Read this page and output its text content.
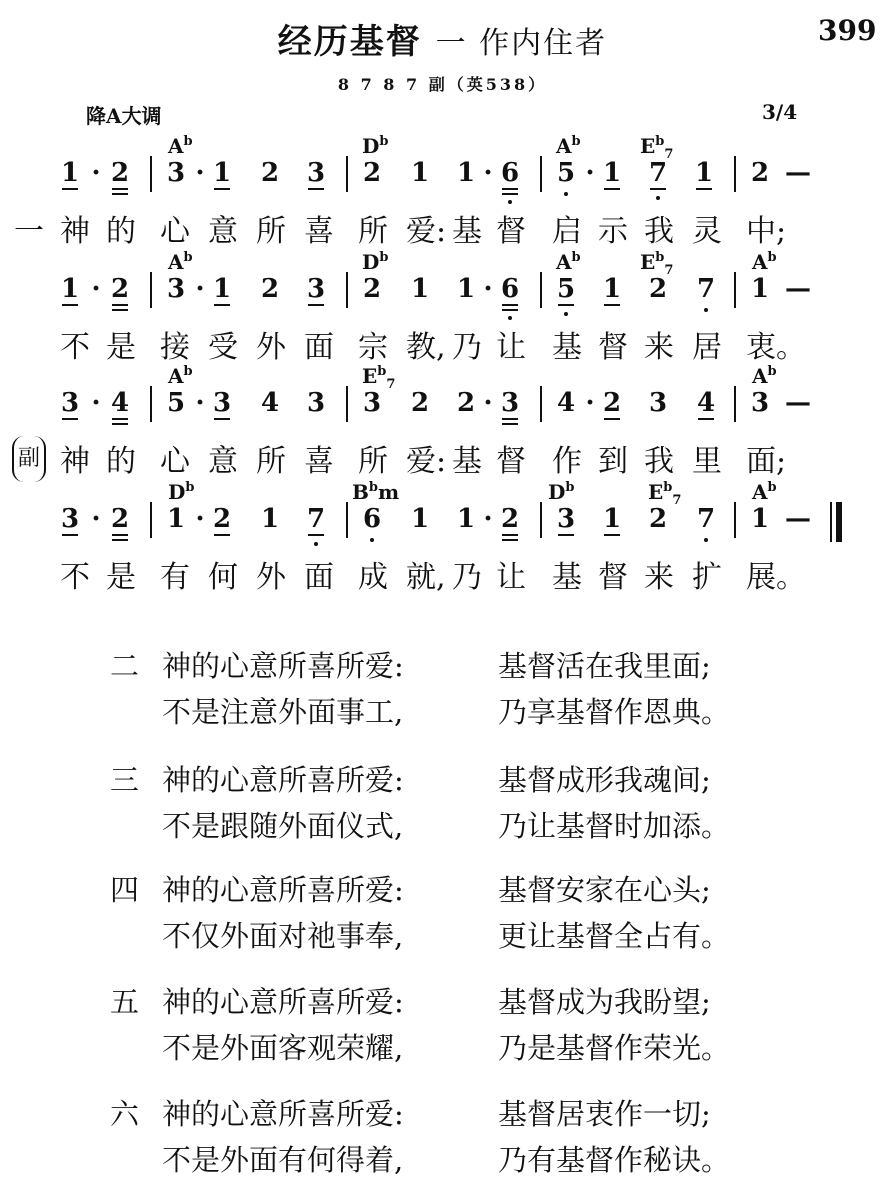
经历基督 一 作内住者	399
8 7 8 7 副（英538）
降A大调	3/4
$A^b$	$D^b$	$A^b$	$E^b_7$
1 · 2 3 · 1 2 3 2 1 1 · 6 5 · 1 7 1 2 —
一 神 的 心 意 所 喜 所 爱: 基 督 启 示 我 灵 中;
$A^b$	$D^b$	$A^b$	$E^b_7$	$A^b$
1 · 2 3 · 1 2 3 2 1 1 · 6 5 1 2 7 1 —
不 是 接 受 外 面 宗 教, 乃 让 基 督 来 居 衷。
$A^b$	$E^b_7$	$A^b$
3 · 4 5 · 3 4 3 3 2 2 · 3 4 · 2 3 4 3 —
神 的 心 意 所 喜 所 爱: 基 督 作 到 我 里 面;
$D^b$	$B^bm$	$D^b$	$E^b_7$	$A^b$
3 · 2 1 · 2 1 7 6 1 1 · 2 3 1 2 7 1 —
不 是 有 何 外 面 成 就, 乃 让 基 督 来 扩 展。
副
二 神的心意所喜所爱:	基督活在我里面;
不是注意外面事工,	乃享基督作恩典。
三 神的心意所喜所爱:	基督成形我魂间;
不是跟随外面仪式,	乃让基督时加添。
四 神的心意所喜所爱:	基督安家在心头;
不仅外面对祂事奉,	更让基督全占有。
五 神的心意所喜所爱:	基督成为我盼望;
不是外面客观荣耀,	乃是基督作荣光。
六 神的心意所喜所爱:	基督居衷作一切;
不是外面有何得着,	乃有基督作秘诀。
